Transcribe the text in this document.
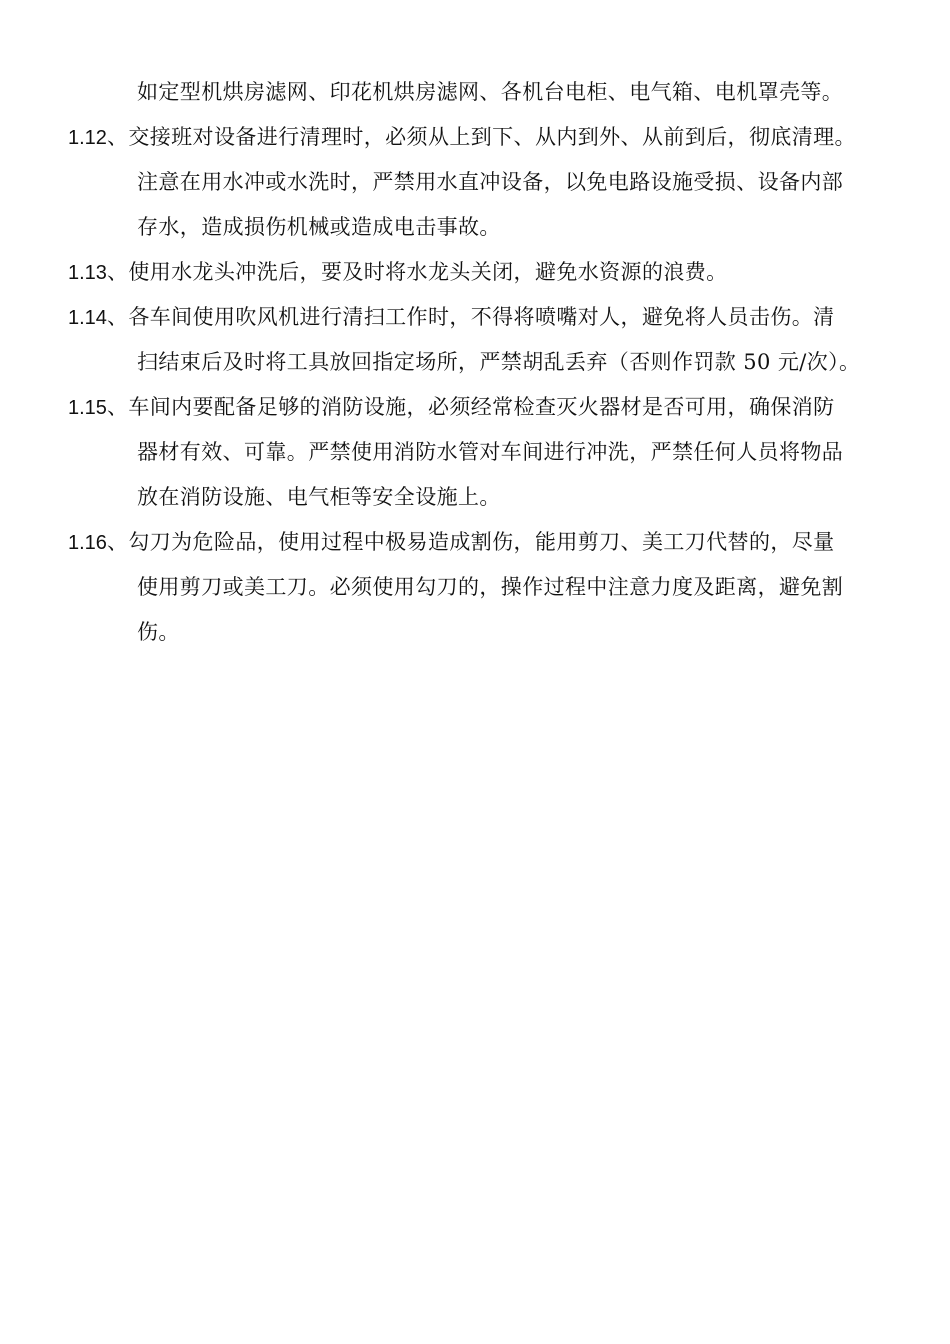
如定型机烘房滤网、印花机烘房滤网、各机台电柜、电气箱、电机罩壳等。
1.12、交接班对设备进行清理时，必须从上到下、从内到外、从前到后，彻底清理。
注意在用水冲或水洗时，严禁用水直冲设备，以免电路设施受损、设备内部
存水，造成损伤机械或造成电击事故。
1.13、使用水龙头冲洗后，要及时将水龙头关闭，避免水资源的浪费。
1.14、各车间使用吹风机进行清扫工作时，不得将喷嘴对人，避免将人员击伤。清
扫结束后及时将工具放回指定场所，严禁胡乱丢弃（否则作罚款 50 元/次）。
1.15、车间内要配备足够的消防设施，必须经常检查灭火器材是否可用，确保消防
器材有效、可靠。严禁使用消防水管对车间进行冲洗，严禁任何人员将物品
放在消防设施、电气柜等安全设施上。
1.16、勾刀为危险品，使用过程中极易造成割伤，能用剪刀、美工刀代替的，尽量
使用剪刀或美工刀。必须使用勾刀的，操作过程中注意力度及距离，避免割
伤。
